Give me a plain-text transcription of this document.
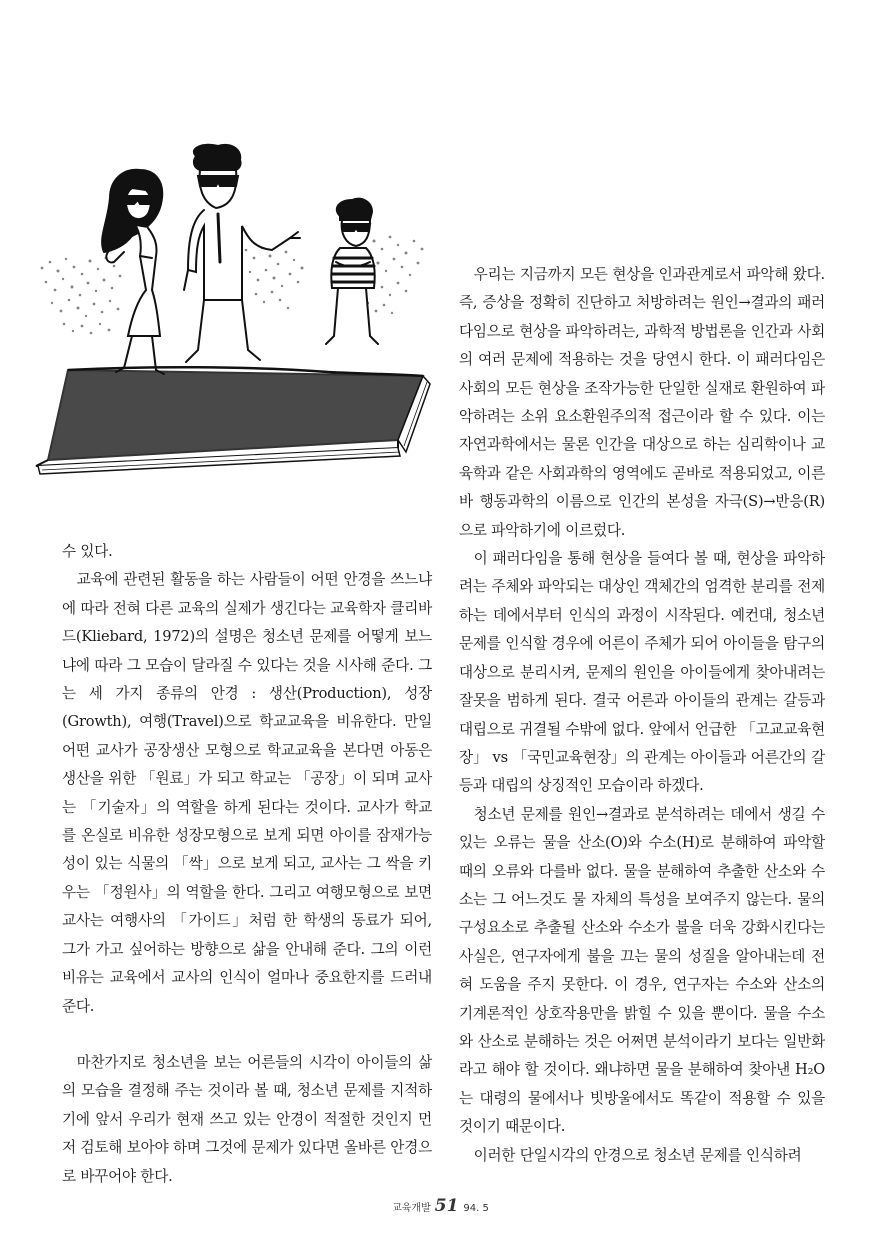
수 있다.

교육에 관련된 활동을 하는 사람들이 어떤 안경을 쓰느냐에 따라 전혀 다른 교육의 실제가 생긴다는 교육학자 클리바드(Kliebard, 1972)의 설명은 청소년 문제를 어떻게 보느냐에 따라 그 모습이 달라질 수 있다는 것을 시사해 준다. 그는 세 가지 종류의 안경 : 생산(Production), 성장(Growth), 여행(Travel)으로 학교교육을 비유한다. 만일 어떤 교사가 공장생산 모형으로 학교교육을 본다면 아동은 생산을 위한 「원료」가 되고 학교는 「공장」이 되며 교사는 「기술자」의 역할을 하게 된다는 것이다. 교사가 학교를 온실로 비유한 성장모형으로 보게 되면 아이를 잠재가능성이 있는 식물의 「싹」으로 보게 되고, 교사는 그 싹을 키우는 「정원사」의 역할을 한다. 그리고 여행모형으로 보면 교사는 여행사의 「가이드」처럼 한 학생의 동료가 되어, 그가 가고 싶어하는 방향으로 삶을 안내해 준다. 그의 이런 비유는 교육에서 교사의 인식이 얼마나 중요한지를 드러내 준다.

마찬가지로 청소년을 보는 어른들의 시각이 아이들의 삶의 모습을 결정해 주는 것이라 볼 때, 청소년 문제를 지적하기에 앞서 우리가 현재 쓰고 있는 안경이 적절한 것인지 먼저 검토해 보아야 하며 그것에 문제가 있다면 올바른 안경으로 바꾸어야 한다.

우리는 지금까지 모든 현상을 인과관계로서 파악해 왔다. 즉, 증상을 정확히 진단하고 처방하려는 원인→결과의 패러다임으로 현상을 파악하려는, 과학적 방법론을 인간과 사회의 여러 문제에 적용하는 것을 당연시 한다. 이 패러다임은 사회의 모든 현상을 조작가능한 단일한 실재로 환원하여 파악하려는 소위 요소환원주의적 접근이라 할 수 있다. 이는 자연과학에서는 물론 인간을 대상으로 하는 심리학이나 교육학과 같은 사회과학의 영역에도 곧바로 적용되었고, 이른바 행동과학의 이름으로 인간의 본성을 자극(S)→반응(R)으로 파악하기에 이르렀다.

이 패러다임을 통해 현상을 들여다 볼 때, 현상을 파악하려는 주체와 파악되는 대상인 객체간의 엄격한 분리를 전제하는 데에서부터 인식의 과정이 시작된다. 예컨대, 청소년 문제를 인식할 경우에 어른이 주체가 되어 아이들을 탐구의 대상으로 분리시켜, 문제의 원인을 아이들에게 찾아내려는 잘못을 범하게 된다. 결국 어른과 아이들의 관계는 갈등과 대립으로 귀결될 수밖에 없다. 앞에서 언급한 「고교교육현장」 vs 「국민교육현장」의 관계는 아이들과 어른간의 갈등과 대립의 상징적인 모습이라 하겠다.

청소년 문제를 원인→결과로 분석하려는 데에서 생길 수 있는 오류는 물을 산소(O)와 수소(H)로 분해하여 파악할 때의 오류와 다를바 없다. 물을 분해하여 추출한 산소와 수소는 그 어느것도 물 자체의 특성을 보여주지 않는다. 물의 구성요소로 추출될 산소와 수소가 불을 더욱 강화시킨다는 사실은, 연구자에게 불을 끄는 물의 성질을 알아내는데 전혀 도움을 주지 못한다. 이 경우, 연구자는 수소와 산소의 기계론적인 상호작용만을 밝힐 수 있을 뿐이다. 물을 수소와 산소로 분해하는 것은 어쩌면 분석이라기 보다는 일반화라고 해야 할 것이다. 왜냐하면 물을 분해하여 찾아낸 H₂O는 대령의 물에서나 빗방울에서도 똑같이 적용할 수 있을 것이기 때문이다.

이러한 단일시각의 안경으로 청소년 문제를 인식하려

교육개발 51 94. 5
